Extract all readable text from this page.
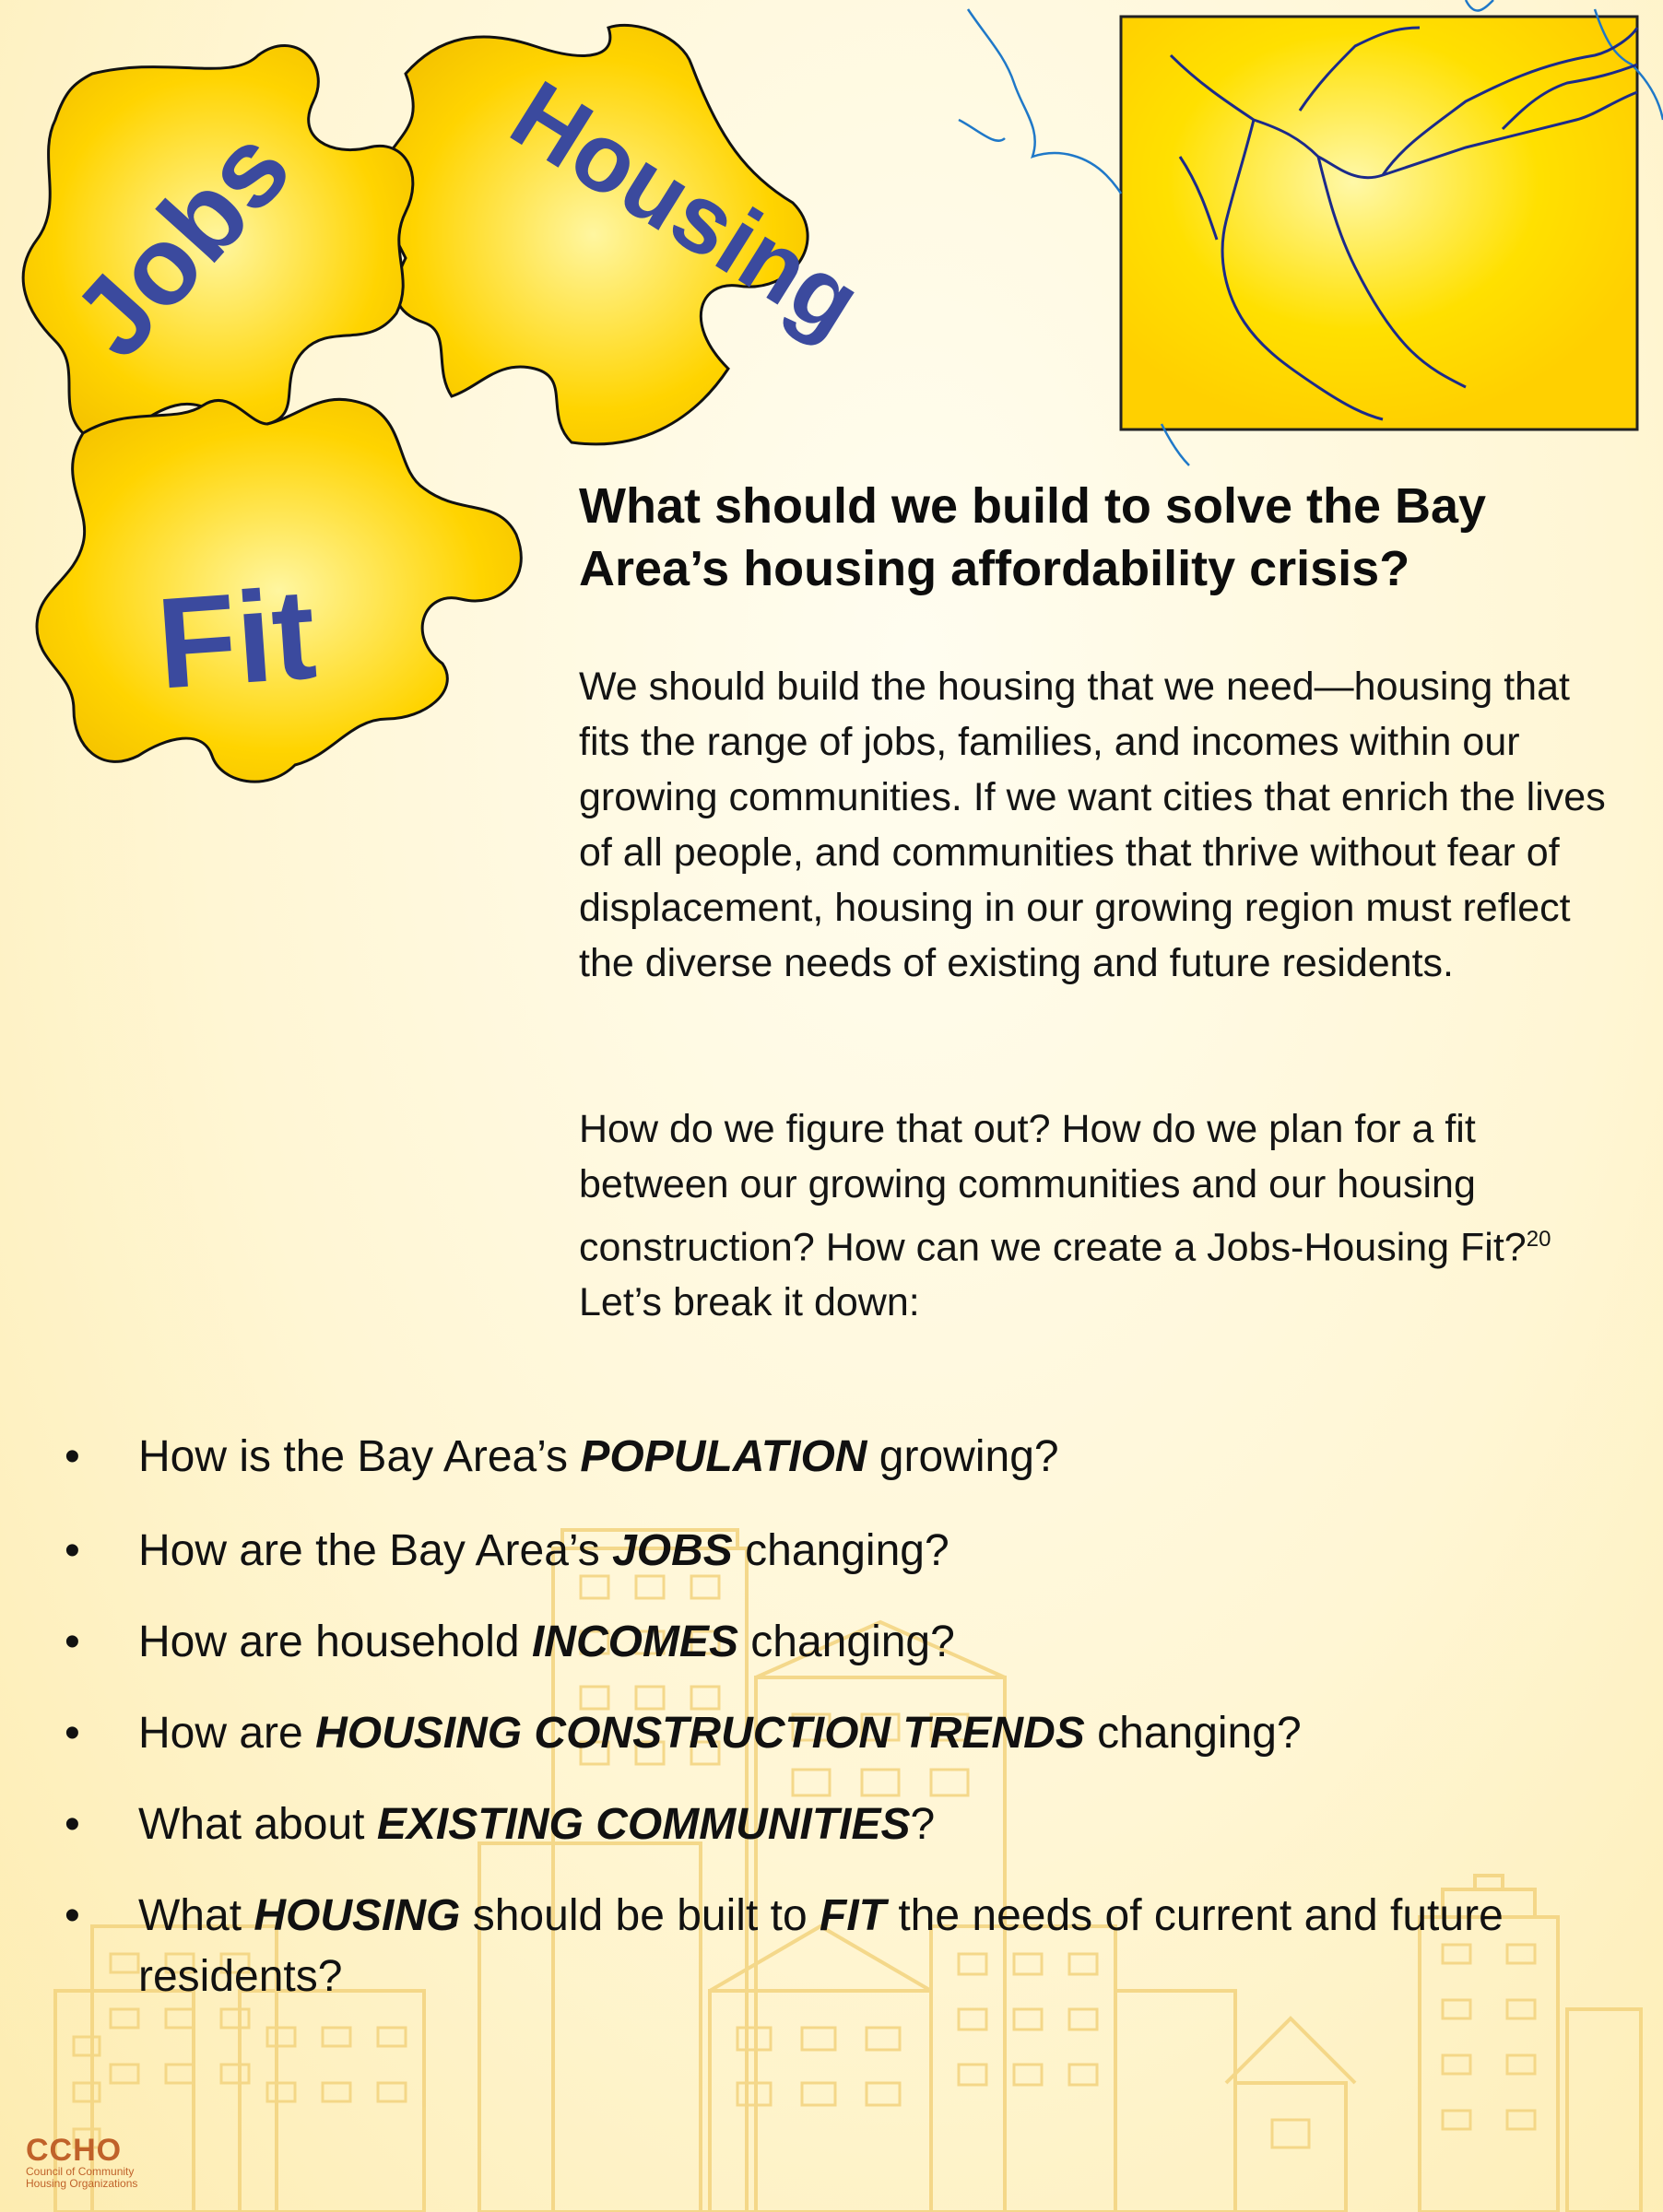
Jobs Housing
Fit
What should we build to solve the Bay Area’s housing affordability crisis?
We should build the housing that we need—housing that fits the range of jobs, families, and incomes within our growing communities. If we want cities that enrich the lives of all people, and communities that thrive without fear of displacement, housing in our growing region must reflect the diverse needs of existing and future residents.
How do we figure that out? How do we plan for a fit between our growing communities and our housing construction? How can we create a Jobs-Housing Fit?$^{20}$
Let’s break it down:
• How is the Bay Area’s POPULATION growing?
• How are the Bay Area’s JOBS changing?
• How are household INCOMES changing?
• How are HOUSING CONSTRUCTION TRENDS changing?
• What about EXISTING COMMUNITIES?
• What HOUSING should be built to FIT the needs of current and future residents?
CCHO
Council of Community
Housing Organizations
